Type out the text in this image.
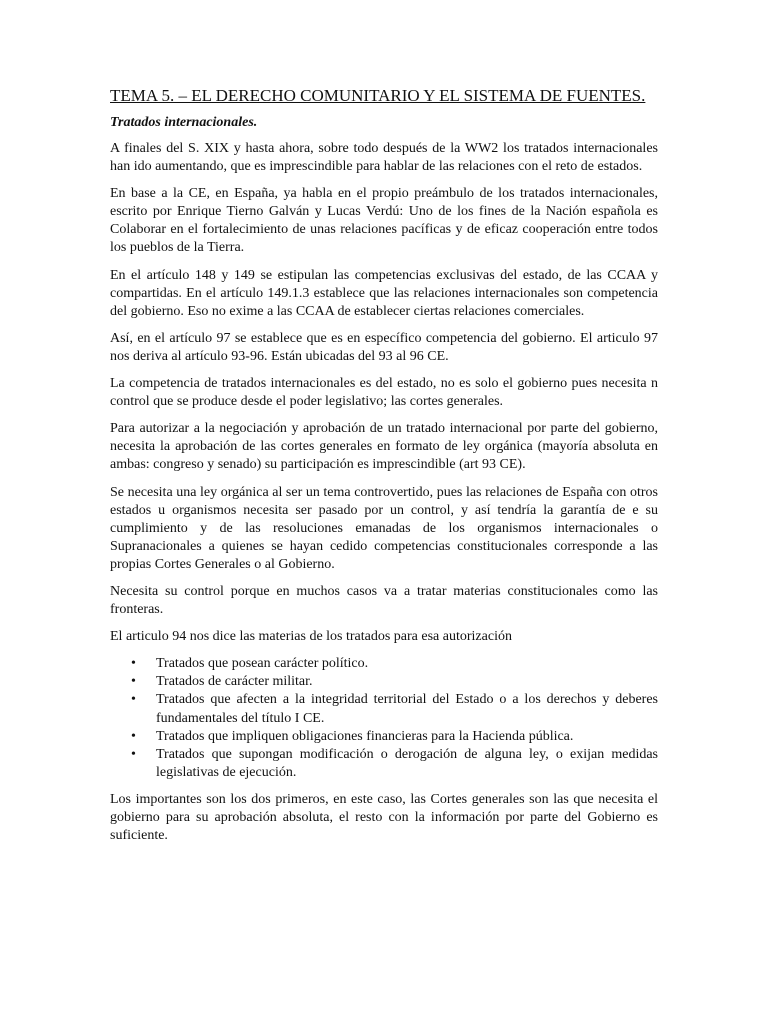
TEMA 5. – EL DERECHO COMUNITARIO Y EL SISTEMA DE FUENTES.

Tratados internacionales.

A finales del S. XIX y hasta ahora, sobre todo después de la WW2 los tratados internacionales han ido aumentando, que es imprescindible para hablar de las relaciones con el reto de estados.

En base a la CE, en España, ya habla en el propio preámbulo de los tratados internacionales, escrito por Enrique Tierno Galván y Lucas Verdú: Uno de los fines de la Nación española es Colaborar en el fortalecimiento de unas relaciones pacíficas y de eficaz cooperación entre todos los pueblos de la Tierra.

En el artículo 148 y 149 se estipulan las competencias exclusivas del estado, de las CCAA y compartidas. En el artículo 149.1.3 establece que las relaciones internacionales son competencia del gobierno. Eso no exime a las CCAA de establecer ciertas relaciones comerciales.

Así, en el artículo 97 se establece que es en específico competencia del gobierno. El articulo 97 nos deriva al artículo 93-96. Están ubicadas del 93 al 96 CE.

La competencia de tratados internacionales es del estado, no es solo el gobierno pues necesita n control que se produce desde el poder legislativo; las cortes generales.

Para autorizar a la negociación y aprobación de un tratado internacional por parte del gobierno, necesita la aprobación de las cortes generales en formato de ley orgánica (mayoría absoluta en ambas: congreso y senado) su participación es imprescindible (art 93 CE).

Se necesita una ley orgánica al ser un tema controvertido, pues las relaciones de España con otros estados u organismos necesita ser pasado por un control, y así tendría la garantía de e su cumplimiento y de las resoluciones emanadas de los organismos internacionales o Supranacionales a quienes se hayan cedido competencias constitucionales corresponde a las propias Cortes Generales o al Gobierno.

Necesita su control porque en muchos casos va a tratar materias constitucionales como las fronteras.

El articulo 94 nos dice las materias de los tratados para esa autorización

• Tratados que posean carácter político.
• Tratados de carácter militar.
• Tratados que afecten a la integridad territorial del Estado o a los derechos y deberes fundamentales del título I CE.
• Tratados que impliquen obligaciones financieras para la Hacienda pública.
• Tratados que supongan modificación o derogación de alguna ley, o exijan medidas legislativas de ejecución.

Los importantes son los dos primeros, en este caso, las Cortes generales son las que necesita el gobierno para su aprobación absoluta, el resto con la información por parte del Gobierno es suficiente.
